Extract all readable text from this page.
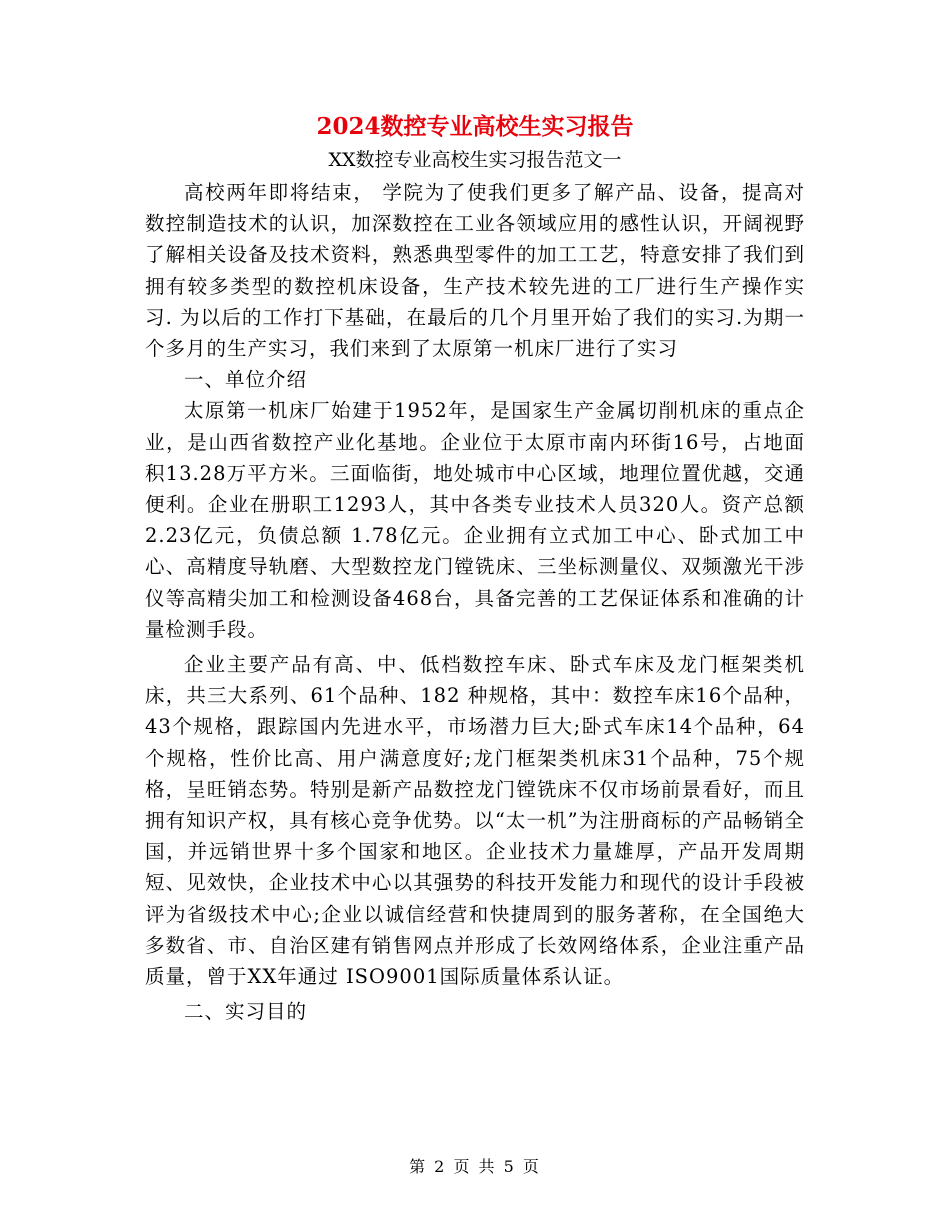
2024数控专业高校生实习报告
XX数控专业高校生实习报告范文一

高校两年即将结束， 学院为了使我们更多了解产品、设备，提高对数控制造技术的认识，加深数控在工业各领域应用的感性认识，开阔视野了解相关设备及技术资料，熟悉典型零件的加工工艺，特意安排了我们到拥有较多类型的数控机床设备，生产技术较先进的工厂进行生产操作实习. 为以后的工作打下基础，在最后的几个月里开始了我们的实习.为期一个多月的生产实习，我们来到了太原第一机床厂进行了实习

一、单位介绍

太原第一机床厂始建于1952年，是国家生产金属切削机床的重点企业，是山西省数控产业化基地。企业位于太原市南内环街16号，占地面积13.28万平方米。三面临街，地处城市中心区域，地理位置优越，交通便利。企业在册职工1293人，其中各类专业技术人员320人。资产总额2.23亿元，负债总额 1.78亿元。企业拥有立式加工中心、卧式加工中心、高精度导轨磨、大型数控龙门镗铣床、三坐标测量仪、双频激光干涉仪等高精尖加工和检测设备468台，具备完善的工艺保证体系和准确的计量检测手段。

企业主要产品有高、中、低档数控车床、卧式车床及龙门框架类机床，共三大系列、61个品种、182 种规格，其中：数控车床16个品种，43个规格，跟踪国内先进水平，市场潜力巨大;卧式车床14个品种，64个规格，性价比高、用户满意度好;龙门框架类机床31个品种，75个规格，呈旺销态势。特别是新产品数控龙门镗铣床不仅市场前景看好，而且拥有知识产权，具有核心竞争优势。以“太一机”为注册商标的产品畅销全国，并远销世界十多个国家和地区。企业技术力量雄厚，产品开发周期短、见效快，企业技术中心以其强势的科技开发能力和现代的设计手段被评为省级技术中心;企业以诚信经营和快捷周到的服务著称，在全国绝大多数省、市、自治区建有销售网点并形成了长效网络体系，企业注重产品质量，曾于XX年通过 ISO9001国际质量体系认证。

二、实习目的

第 2 页 共 5 页
